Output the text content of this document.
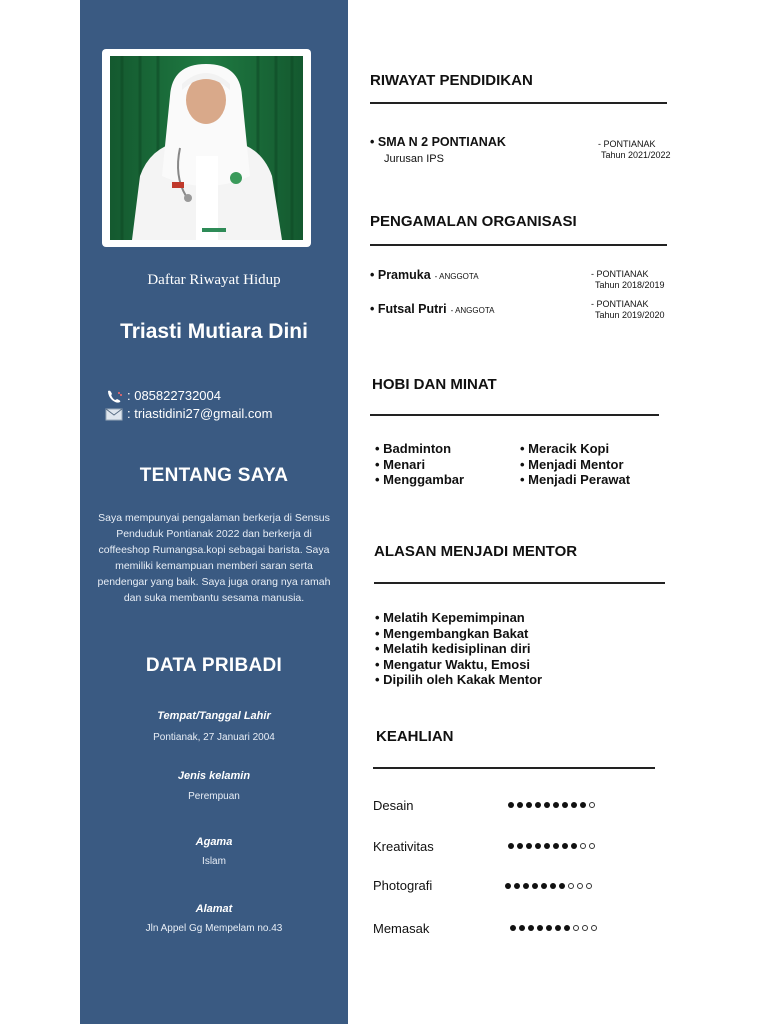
Daftar Riwayat Hidup
Triasti Mutiara Dini
: 085822732004
: triastidini27@gmail.com
TENTANG SAYA
Saya mempunyai pengalaman berkerja di Sensus Penduduk Pontianak 2022 dan berkerja di coffeeshop Rumangsa.kopi sebagai barista. Saya memiliki kemampuan memberi saran serta pendengar yang baik. Saya juga orang nya ramah dan suka membantu sesama manusia.
DATA PRIBADI
Tempat/Tanggal Lahir
Pontianak, 27 Januari 2004
Jenis kelamin
Perempuan
Agama
Islam
Alamat
Jln Appel Gg Mempelam no.43
RIWAYAT PENDIDIKAN
• SMA N 2 PONTIANAK
Jurusan IPS
- PONTIANAK
Tahun 2021/2022
PENGAMALAN ORGANISASI
• Pramuka - ANGGOTA	- PONTIANAK
Tahun 2018/2019
• Futsal Putri - ANGGOTA
- PONTIANAK
Tahun 2019/2020
HOBI DAN MINAT
• Badminton
• Menari
• Menggambar
• Meracik Kopi
• Menjadi Mentor
• Menjadi Perawat
ALASAN MENJADI MENTOR
• Melatih Kepemimpinan
• Mengembangkan Bakat
• Melatih kedisiplinan diri
• Mengatur Waktu, Emosi
• Dipilih oleh Kakak Mentor
KEAHLIAN
Desain
Kreativitas
Photografi
Memasak
